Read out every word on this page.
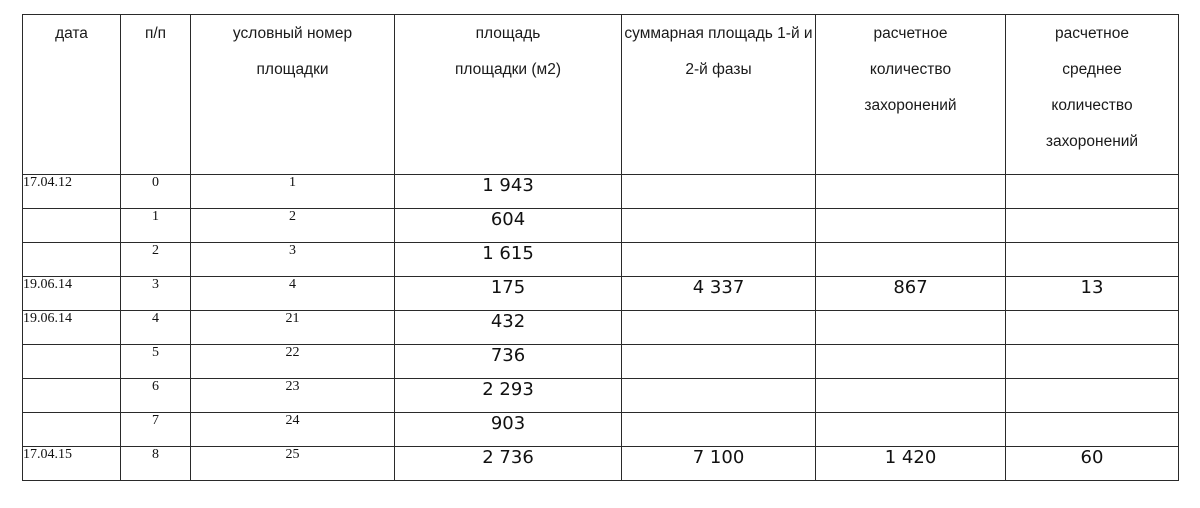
дата	п/п	условный номер площадки	площадь площадки (м2)	суммарная площадь 1-й и 2-й фазы	расчетное количество захоронений	расчетное среднее количество захоронений
17.04.12	0	1	1 943			
	1	2	604			
	2	3	1 615			
19.06.14	3	4	175	4 337	867	13
19.06.14	4	21	432			
	5	22	736			
	6	23	2 293			
	7	24	903			
17.04.15	8	25	2 736	7 100	1 420	60
